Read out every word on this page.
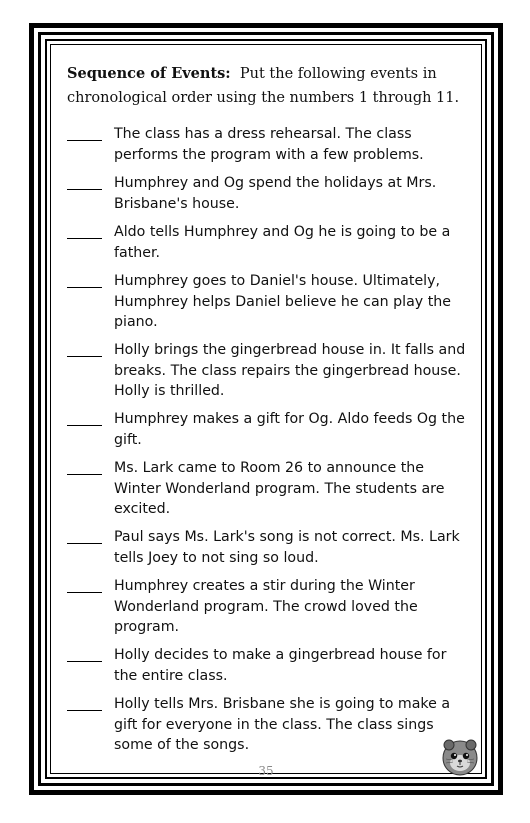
Sequence of Events: Put the following events in chronological order using the numbers 1 through 11.
The class has a dress rehearsal. The class performs the program with a few problems.
Humphrey and Og spend the holidays at Mrs. Brisbane's house.
Aldo tells Humphrey and Og he is going to be a father.
Humphrey goes to Daniel's house. Ultimately, Humphrey helps Daniel believe he can play the piano.
Holly brings the gingerbread house in. It falls and breaks. The class repairs the gingerbread house. Holly is thrilled.
Humphrey makes a gift for Og. Aldo feeds Og the gift.
Ms. Lark came to Room 26 to announce the Winter Wonderland program. The students are excited.
Paul says Ms. Lark's song is not correct. Ms. Lark tells Joey to not sing so loud.
Humphrey creates a stir during the Winter Wonderland program. The crowd loved the program.
Holly decides to make a gingerbread house for the entire class.
Holly tells Mrs. Brisbane she is going to make a gift for everyone in the class. The class sings some of the songs.
35
